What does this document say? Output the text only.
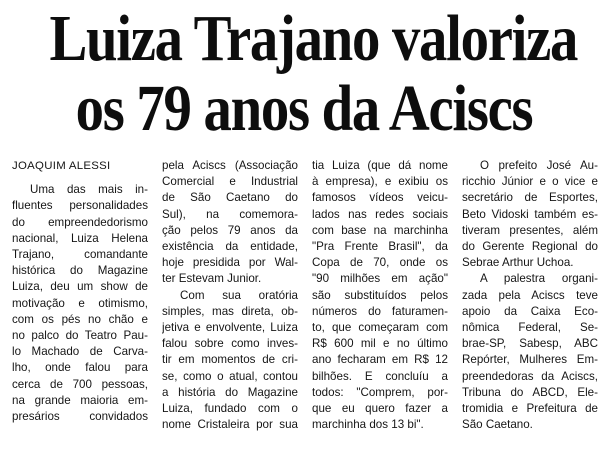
Luiza Trajano valoriza
os 79 anos da Aciscs
JOAQUIM ALESSI
Uma das mais in-
fluentes personalidades
do empreendedorismo
nacional, Luiza Helena
Trajano, comandante
histórica do Magazine
Luiza, deu um show de
motivação e otimismo,
com os pés no chão e
no palco do Teatro Pau-
lo Machado de Carva-
lho, onde falou para
cerca de 700 pessoas,
na grande maioria em-
presários convidados
pela Aciscs (Associação
Comercial e Industrial
de São Caetano do
Sul), na comemora-
ção pelos 79 anos da
existência da entidade,
hoje presidida por Wal-
ter Estevam Junior.
Com sua oratória
simples, mas direta, ob-
jetiva e envolvente, Luiza
falou sobre como inves-
tir em momentos de cri-
se, como o atual, contou
a história do Magazine
Luiza, fundado com o
nome Cristaleira por sua
tia Luiza (que dá nome
à empresa), e exibiu os
famosos vídeos veicu-
lados nas redes sociais
com base na marchinha
"Pra Frente Brasil", da
Copa de 70, onde os
"90 milhões em ação"
são substituídos pelos
números do faturamen-
to, que começaram com
R$ 600 mil e no último
ano fecharam em R$ 12
bilhões. E concluíu a
todos: "Comprem, por-
que eu quero fazer a
marchinha dos 13 bi".
O prefeito José Au-
ricchio Júnior e o vice e
secretário de Esportes,
Beto Vidoski também es-
tiveram presentes, além
do Gerente Regional do
Sebrae Arthur Uchoa.
A palestra organi-
zada pela Aciscs teve
apoio da Caixa Eco-
nômica Federal, Se-
brae-SP, Sabesp, ABC
Repórter, Mulheres Em-
preendedoras da Aciscs,
Tribuna do ABCD, Ele-
tromidia e Prefeitura de
São Caetano.
